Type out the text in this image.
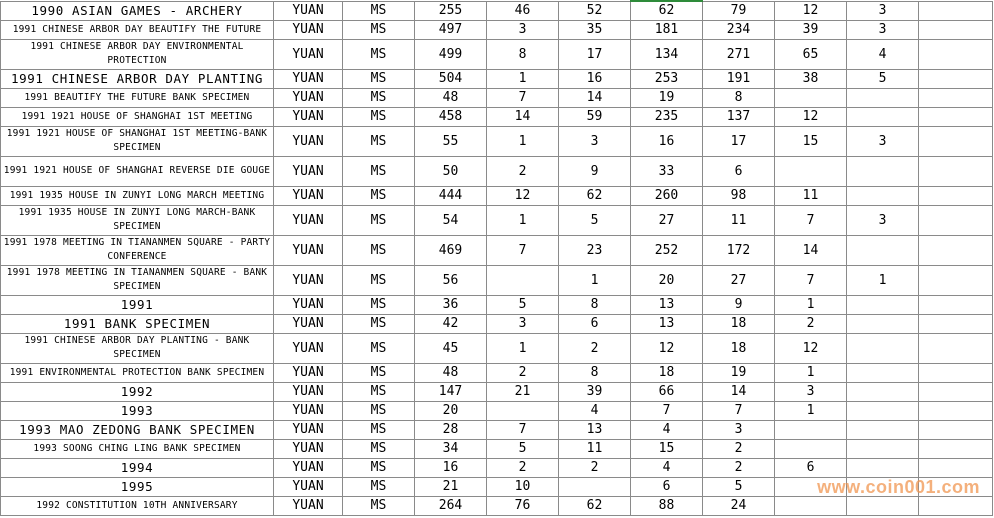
1990 ASIAN GAMES - ARCHERY	YUAN	MS	255	46	52	62	79	12	3	
1991 CHINESE ARBOR DAY BEAUTIFY THE FUTURE	YUAN	MS	497	3	35	181	234	39	3	
1991 CHINESE ARBOR DAY ENVIRONMENTAL PROTECTION	YUAN	MS	499	8	17	134	271	65	4	
1991 CHINESE ARBOR DAY PLANTING	YUAN	MS	504	1	16	253	191	38	5	
1991 BEAUTIFY THE FUTURE BANK SPECIMEN	YUAN	MS	48	7	14	19	8			
1991 1921 HOUSE OF SHANGHAI 1ST MEETING	YUAN	MS	458	14	59	235	137	12		
1991 1921 HOUSE OF SHANGHAI 1ST MEETING-BANK SPECIMEN	YUAN	MS	55	1	3	16	17	15	3	
1991 1921 HOUSE OF SHANGHAI REVERSE DIE GOUGE	YUAN	MS	50	2	9	33	6			
1991 1935 HOUSE IN ZUNYI LONG MARCH MEETING	YUAN	MS	444	12	62	260	98	11		
1991 1935 HOUSE IN ZUNYI LONG MARCH-BANK SPECIMEN	YUAN	MS	54	1	5	27	11	7	3	
1991 1978 MEETING IN TIANANMEN SQUARE - PARTY CONFERENCE	YUAN	MS	469	7	23	252	172	14		
1991 1978 MEETING IN TIANANMEN SQUARE - BANK SPECIMEN	YUAN	MS	56		1	20	27	7	1	
1991	YUAN	MS	36	5	8	13	9	1		
1991 BANK SPECIMEN	YUAN	MS	42	3	6	13	18	2		
1991 CHINESE ARBOR DAY PLANTING - BANK SPECIMEN	YUAN	MS	45	1	2	12	18	12		
1991 ENVIRONMENTAL PROTECTION BANK SPECIMEN	YUAN	MS	48	2	8	18	19	1		
1992	YUAN	MS	147	21	39	66	14	3		
1993	YUAN	MS	20		4	7	7	1		
1993 MAO ZEDONG BANK SPECIMEN	YUAN	MS	28	7	13	4	3			
1993 SOONG CHING LING BANK SPECIMEN	YUAN	MS	34	5	11	15	2			
1994	YUAN	MS	16	2	2	4	2	6		
1995	YUAN	MS	21	10		6	5			
1992 CONSTITUTION 10TH ANNIVERSARY	YUAN	MS	264	76	62	88	24			
www.coin001.com
